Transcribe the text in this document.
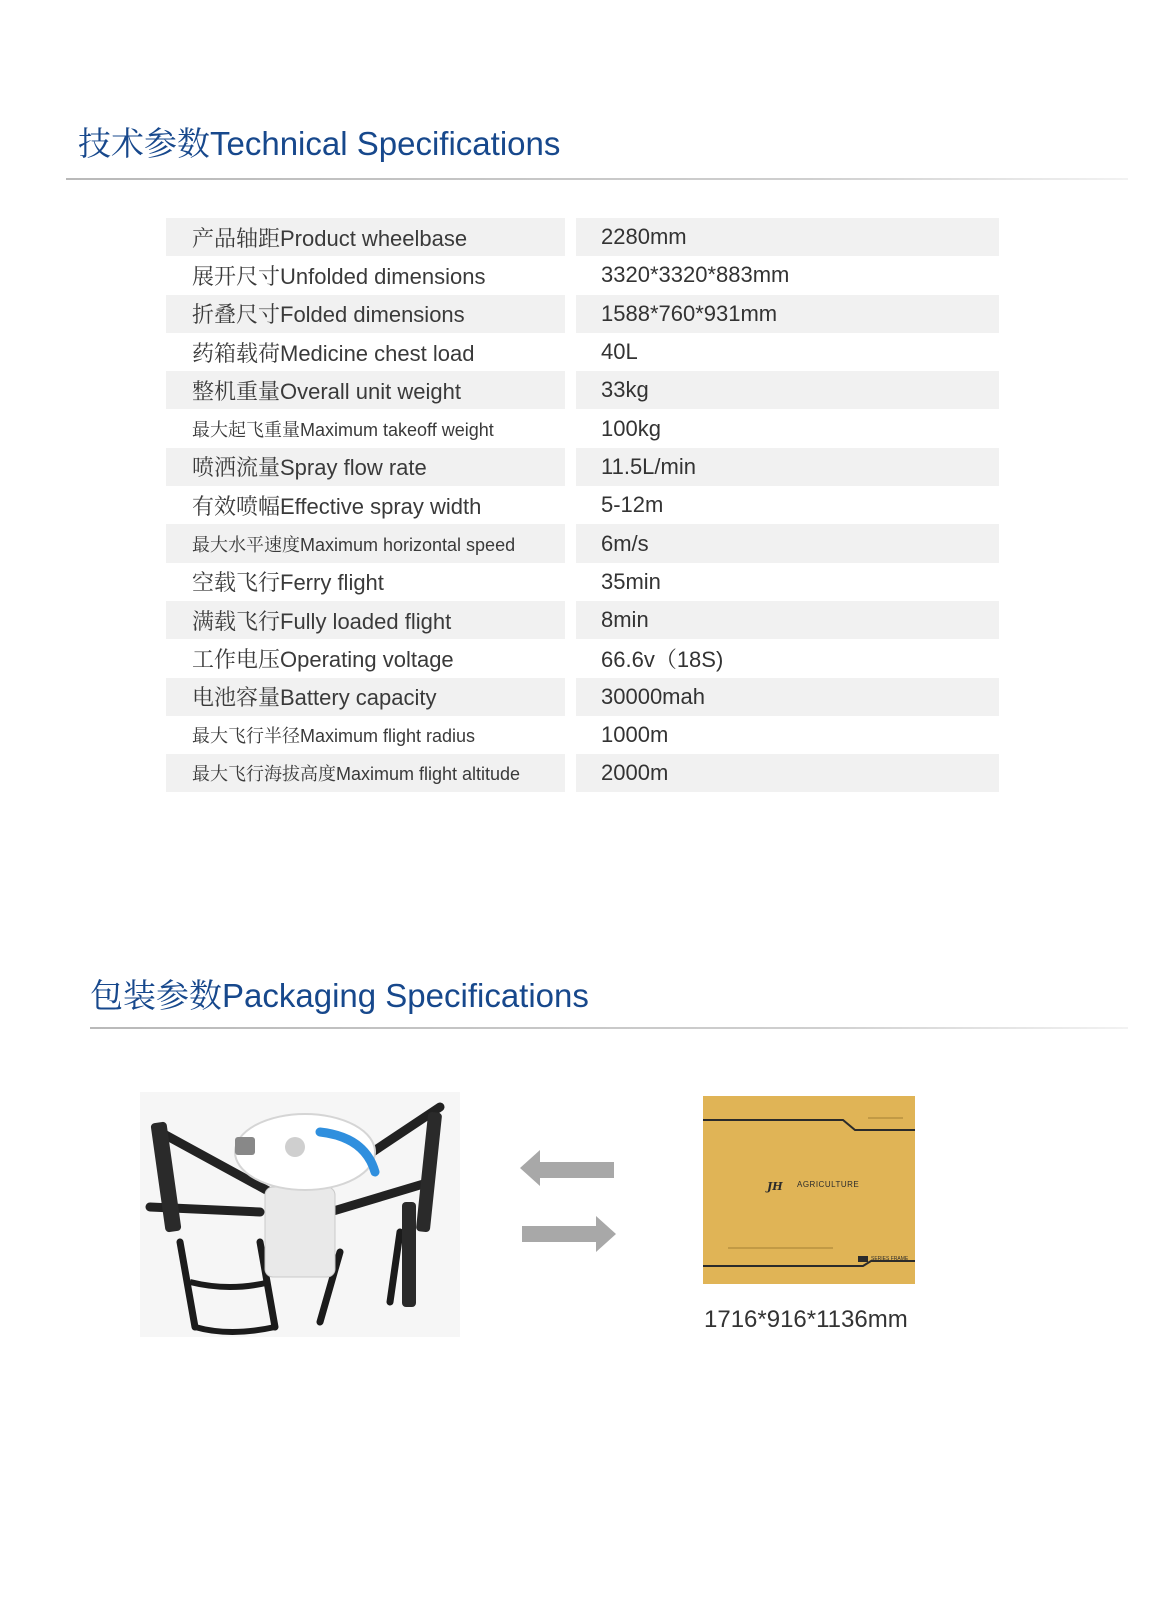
技术参数Technical Specifications
产品轴距Product wheelbase	2280mm
展开尺寸Unfolded dimensions	3320*3320*883mm
折叠尺寸Folded dimensions	1588*760*931mm
药箱载荷Medicine chest load	40L
整机重量Overall unit weight	33kg
最大起飞重量Maximum takeoff weight	100kg
喷洒流量Spray flow rate	11.5L/min
有效喷幅Effective spray width	5-12m
最大水平速度Maximum horizontal speed	6m/s
空载飞行Ferry flight	35min
满载飞行Fully loaded flight	8min
工作电压Operating voltage	66.6v（18S)
电池容量Battery capacity	30000mah
最大飞行半径Maximum flight radius	1000m
最大飞行海拔高度Maximum flight altitude	2000m
包装参数Packaging Specifications
JH AGRICULTURE
SERIES FRAME
1716*916*1136mm
